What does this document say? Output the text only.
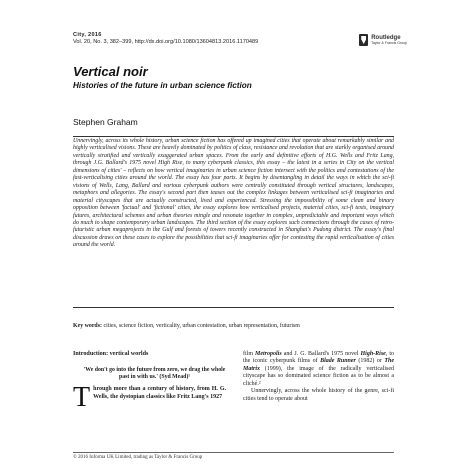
City, 2016
Vol. 20, No. 3, 382–399, http://dx.doi.org/10.1080/13604813.2016.1170489
Routledge
Taylor & Francis Group
Vertical noir
Histories of the future in urban science fiction
Stephen Graham
Unnervingly, across its whole history, urban science fiction has offered up imagined cities that operate about remarkably similar and highly verticalised visions. These are heavily dominated by politics of class, resistance and revolution that are starkly organised around vertically stratified and vertically exaggerated urban spaces. From the early and definitive efforts of H.G. Wells and Fritz Lang, through J.G. Ballard's 1975 novel High Rise, to many cyberpunk classics, this essay – the latest in a series in City on the vertical dimensions of cities' – reflects on how vertical imaginaries in urban science fiction intersect with the politics and contestations of the fast-verticalising cities around the world. The essay has four parts. It begins by disentangling in detail the ways in which the sci-fi visions of Wells, Lang, Ballard and various cyberpunk authors were centrally constituted through vertical structures, landscapes, metaphors and allegories. The essay's second part then teases out the complex linkages between verticalised sci-fi imaginaries and material cityscapes that are actually constructed, lived and experienced. Stressing the impossibility of some clean and binary opposition between 'factual' and 'fictional' cities, the essay explores how verticalised projects, material cities, sci-fi texts, imaginary futures, architectural schemes and urban theories mingle and resonate together in complex, unpredictable and important ways which do much to shape contemporary urban landscapes. The third section of the essay explores such connections through the cases of retro-futuristic urban megaprojects in the Gulf and forests of towers recently constructed in Shanghai's Pudong district. The essay's final discussion draws on these cases to explore the possibilities that sci-fi imaginaries offer for contesting the rapid verticalisation of cities around the world.
Key words: cities, science fiction, verticality, urban contestation, urban representation, futurism
Introduction: vertical worlds
'We don't go into the future from zero, we drag the whole past in with us.' (Syd Mead)¹
T hrough more than a century of history, from H. G. Wells, the dystopian classics like Fritz Lang's 1927
film Metropolis and J. G. Ballard's 1975 novel High-Rise, to the iconic cyberpunk films of Blade Runner (1982) or The Matrix (1999), the image of the radically verticalised cityscape has so dominated science fiction as to be almost a cliché.²
Unnervingly, across the whole history of the genre, sci-fi cities tend to operate about
© 2016 Informa UK Limited, trading as Taylor & Francis Group
